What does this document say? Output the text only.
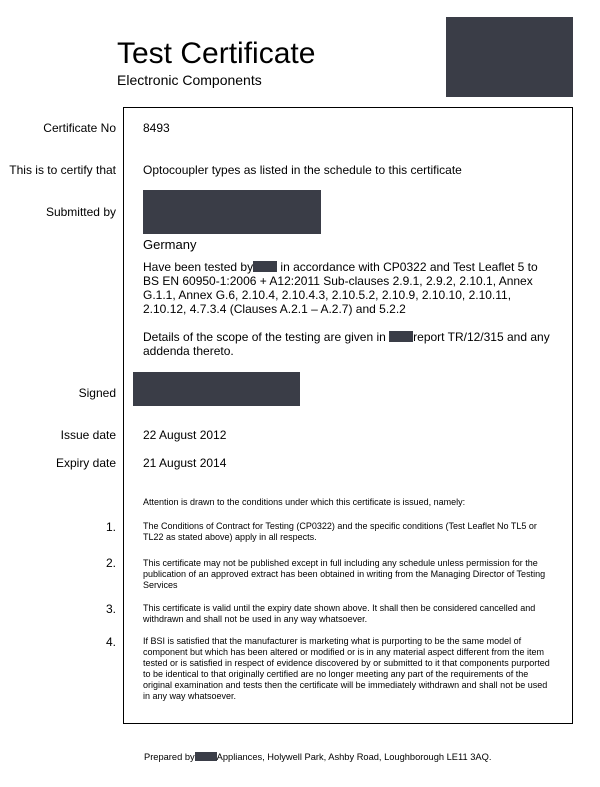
Test Certificate
Electronic Components
Certificate No 8493
This is to certify that Optocoupler types as listed in the schedule to this certificate
Submitted by
Germany
Have been tested by in accordance with CP0322 and Test Leaflet 5 to BS EN 60950-1:2006 + A12:2011 Sub-clauses 2.9.1, 2.9.2, 2.10.1, Annex G.1.1, Annex G.6, 2.10.4, 2.10.4.3, 2.10.5.2, 2.10.9, 2.10.10, 2.10.11, 2.10.12, 4.7.3.4 (Clauses A.2.1 – A.2.7) and 5.2.2
Details of the scope of the testing are given in report TR/12/315 and any addenda thereto.
Signed
Issue date 22 August 2012
Expiry date 21 August 2014
Attention is drawn to the conditions under which this certificate is issued, namely:
1.	The Conditions of Contract for Testing (CP0322) and the specific conditions (Test Leaflet No TL5 or TL22 as stated above) apply in all respects.
2.	This certificate may not be published except in full including any schedule unless permission for the publication of an approved extract has been obtained in writing from the Managing Director of Testing Services
3.	This certificate is valid until the expiry date shown above. It shall then be considered cancelled and withdrawn and shall not be used in any way whatsoever.
4.	If BSI is satisfied that the manufacturer is marketing what is purporting to be the same model of component but which has been altered or modified or is in any material aspect different from the item tested or is satisfied in respect of evidence discovered by or submitted to it that components purported to be identical to that originally certified are no longer meeting any part of the requirements of the original examination and tests then the certificate will be immediately withdrawn and shall not be used in any way whatsoever.
Prepared by Appliances, Holywell Park, Ashby Road, Loughborough LE11 3AQ.
